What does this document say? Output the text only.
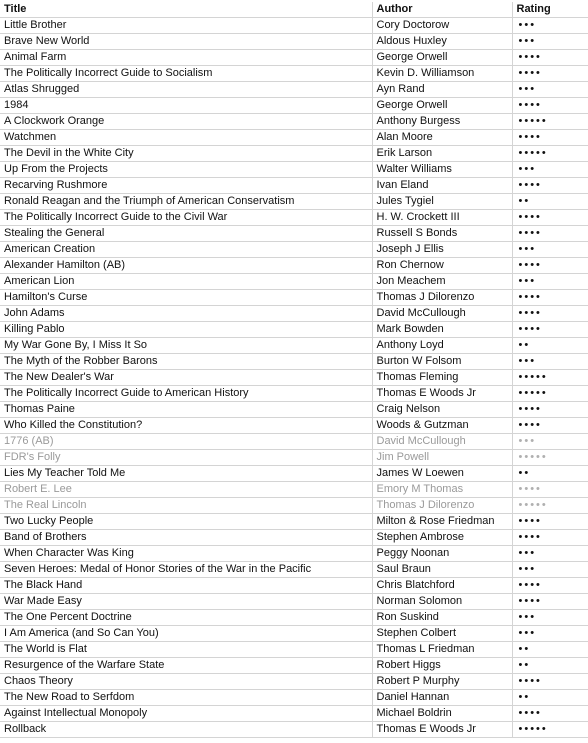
Title	Author	Rating
Little Brother	Cory Doctorow	•••
Brave New World	Aldous Huxley	•••
Animal Farm	George Orwell	••••
The Politically Incorrect Guide to Socialism	Kevin D. Williamson	••••
Atlas Shrugged	Ayn Rand	•••
1984	George Orwell	••••
A Clockwork Orange	Anthony Burgess	•••••
Watchmen	Alan Moore	••••
The Devil in the White City	Erik Larson	•••••
Up From the Projects	Walter Williams	•••
Recarving Rushmore	Ivan Eland	••••
Ronald Reagan and the Triumph of American Conservatism	Jules Tygiel	••
The Politically Incorrect Guide to the Civil War	H. W. Crockett III	••••
Stealing the General	Russell S Bonds	••••
American Creation	Joseph J Ellis	•••
Alexander Hamilton (AB)	Ron Chernow	••••
American Lion	Jon Meachem	•••
Hamilton's Curse	Thomas J Dilorenzo	••••
John Adams	David McCullough	••••
Killing Pablo	Mark Bowden	••••
My War Gone By, I Miss It So	Anthony Loyd	••
The Myth of the Robber Barons	Burton W Folsom	•••
The New Dealer's War	Thomas Fleming	•••••
The Politically Incorrect Guide to American History	Thomas E Woods Jr	•••••
Thomas Paine	Craig Nelson	••••
Who Killed the Constitution?	Woods & Gutzman	••••
1776 (AB)	David McCullough	•••
FDR's Folly	Jim Powell	•••••
Lies My Teacher Told Me	James W Loewen	••
Robert E. Lee	Emory M Thomas	••••
The Real Lincoln	Thomas J Dilorenzo	•••••
Two Lucky People	Milton & Rose Friedman	••••
Band of Brothers	Stephen Ambrose	••••
When Character Was King	Peggy Noonan	•••
Seven Heroes: Medal of Honor Stories of the War in the Pacific	Saul Braun	•••
The Black Hand	Chris Blatchford	••••
War Made Easy	Norman Solomon	••••
The One Percent Doctrine	Ron Suskind	•••
I Am America (and So Can You)	Stephen Colbert	•••
The World is Flat	Thomas L Friedman	••
Resurgence of the Warfare State	Robert Higgs	••
Chaos Theory	Robert P Murphy	••••
The New Road to Serfdom	Daniel Hannan	••
Against Intellectual Monopoly	Michael Boldrin	••••
Rollback	Thomas E Woods Jr	•••••
